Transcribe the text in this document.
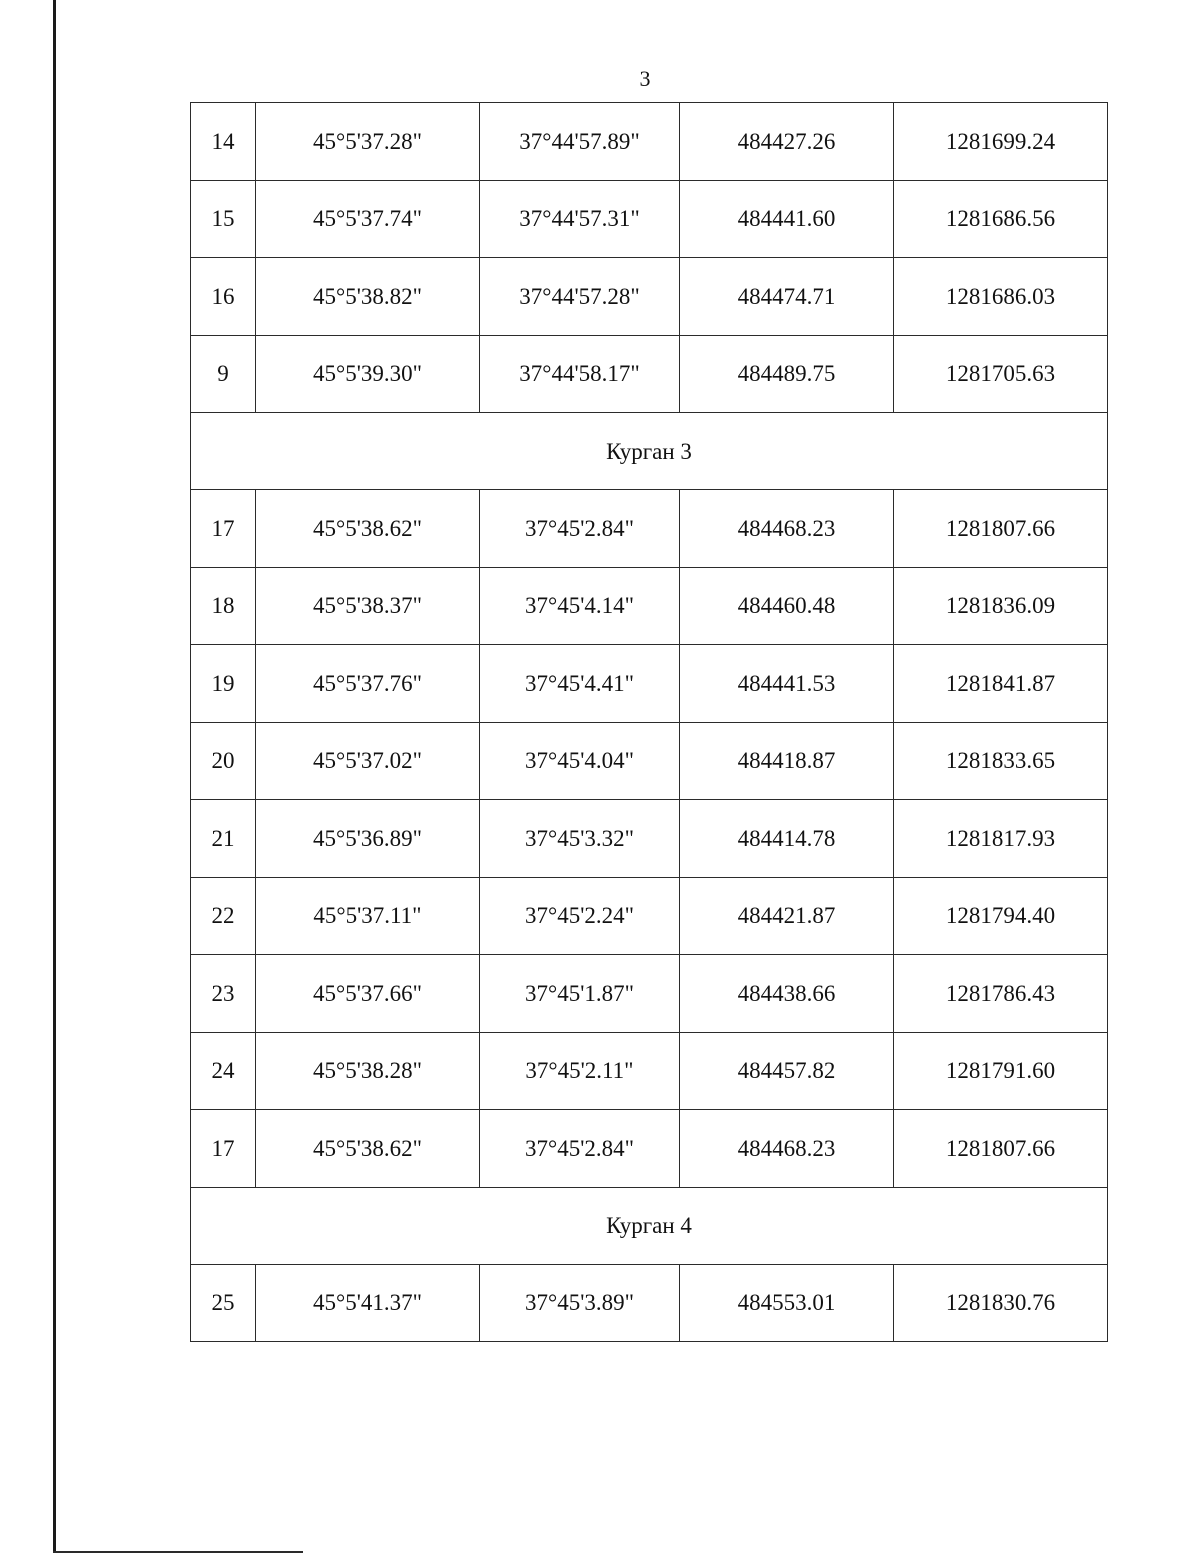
3
14	45°5'37.28"	37°44'57.89"	484427.26	1281699.24
15	45°5'37.74"	37°44'57.31"	484441.60	1281686.56
16	45°5'38.82"	37°44'57.28"	484474.71	1281686.03
9	45°5'39.30"	37°44'58.17"	484489.75	1281705.63
Курган 3				
17	45°5'38.62"	37°45'2.84"	484468.23	1281807.66
18	45°5'38.37"	37°45'4.14"	484460.48	1281836.09
19	45°5'37.76"	37°45'4.41"	484441.53	1281841.87
20	45°5'37.02"	37°45'4.04"	484418.87	1281833.65
21	45°5'36.89"	37°45'3.32"	484414.78	1281817.93
22	45°5'37.11"	37°45'2.24"	484421.87	1281794.40
23	45°5'37.66"	37°45'1.87"	484438.66	1281786.43
24	45°5'38.28"	37°45'2.11"	484457.82	1281791.60
17	45°5'38.62"	37°45'2.84"	484468.23	1281807.66
Курган 4				
25	45°5'41.37"	37°45'3.89"	484553.01	1281830.76
